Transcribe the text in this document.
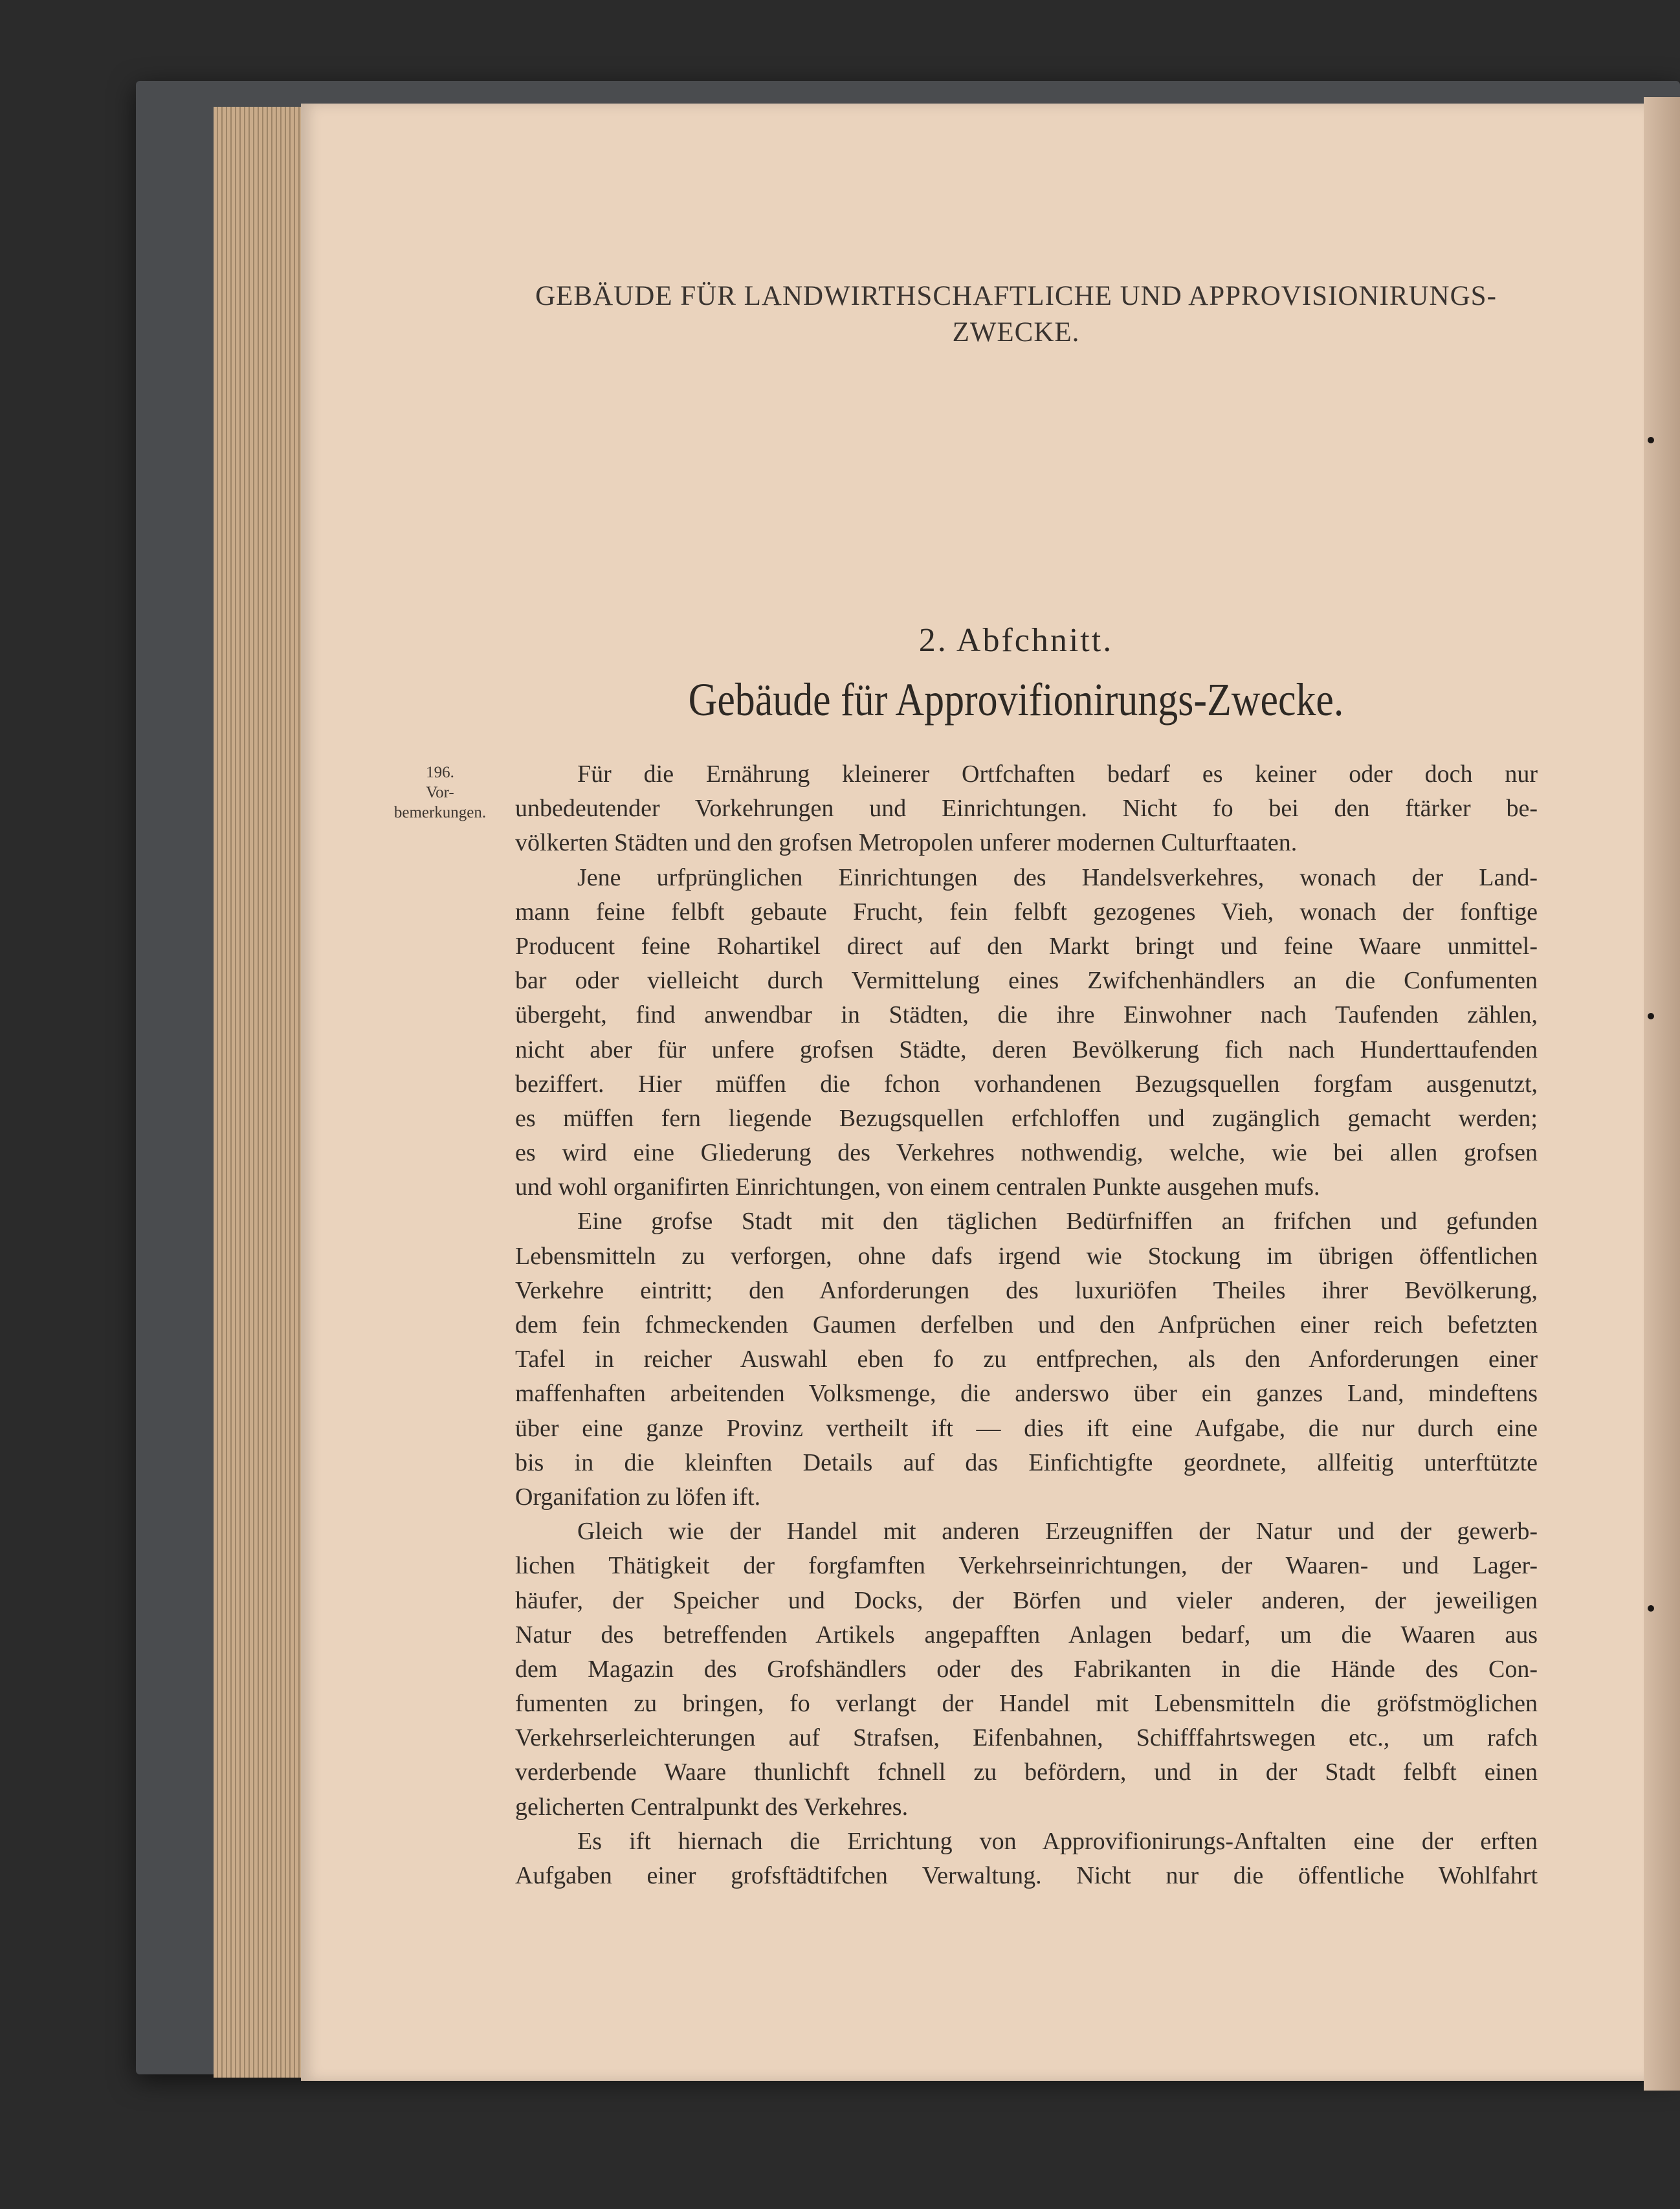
GEBÄUDE FÜR LANDWIRTHSCHAFTLICHE UND APPROVISIONIRUNGS-
ZWECKE.
2. Abfchnitt.
Gebäude für Approvifionirungs-Zwecke.
196.
Vor-
bemerkungen.
Für die Ernährung kleinerer Ortfchaften bedarf es keiner oder doch nur
unbedeutender Vorkehrungen und Einrichtungen. Nicht fo bei den ftärker be-
völkerten Städten und den grofsen Metropolen unferer modernen Culturftaaten.
Jene urfprünglichen Einrichtungen des Handelsverkehres, wonach der Land-
mann feine felbft gebaute Frucht, fein felbft gezogenes Vieh, wonach der fonftige
Producent feine Rohartikel direct auf den Markt bringt und feine Waare unmittel-
bar oder vielleicht durch Vermittelung eines Zwifchenhändlers an die Confumenten
übergeht, find anwendbar in Städten, die ihre Einwohner nach Taufenden zählen,
nicht aber für unfere grofsen Städte, deren Bevölkerung fich nach Hunderttaufenden
beziffert. Hier müffen die fchon vorhandenen Bezugsquellen forgfam ausgenutzt,
es müffen fern liegende Bezugsquellen erfchloffen und zugänglich gemacht werden;
es wird eine Gliederung des Verkehres nothwendig, welche, wie bei allen grofsen
und wohl organifirten Einrichtungen, von einem centralen Punkte ausgehen mufs.
Eine grofse Stadt mit den täglichen Bedürfniffen an frifchen und gefunden
Lebensmitteln zu verforgen, ohne dafs irgend wie Stockung im übrigen öffentlichen
Verkehre eintritt; den Anforderungen des luxuriöfen Theiles ihrer Bevölkerung,
dem fein fchmeckenden Gaumen derfelben und den Anfprüchen einer reich befetzten
Tafel in reicher Auswahl eben fo zu entfprechen, als den Anforderungen einer
maffenhaften arbeitenden Volksmenge, die anderswo über ein ganzes Land, mindeftens
über eine ganze Provinz vertheilt ift — dies ift eine Aufgabe, die nur durch eine
bis in die kleinften Details auf das Einfichtigfte geordnete, allfeitig unterftützte
Organifation zu löfen ift.
Gleich wie der Handel mit anderen Erzeugniffen der Natur und der gewerb-
lichen Thätigkeit der forgfamften Verkehrseinrichtungen, der Waaren- und Lager-
häufer, der Speicher und Docks, der Börfen und vieler anderen, der jeweiligen
Natur des betreffenden Artikels angepafften Anlagen bedarf, um die Waaren aus
dem Magazin des Grofshändlers oder des Fabrikanten in die Hände des Con-
fumenten zu bringen, fo verlangt der Handel mit Lebensmitteln die gröfstmöglichen
Verkehrserleichterungen auf Strafsen, Eifenbahnen, Schifffahrtswegen etc., um rafch
verderbende Waare thunlichft fchnell zu befördern, und in der Stadt felbft einen
gelicherten Centralpunkt des Verkehres.
Es ift hiernach die Errichtung von Approvifionirungs-Anftalten eine der erften
Aufgaben einer grofsftädtifchen Verwaltung. Nicht nur die öffentliche Wohlfahrt
